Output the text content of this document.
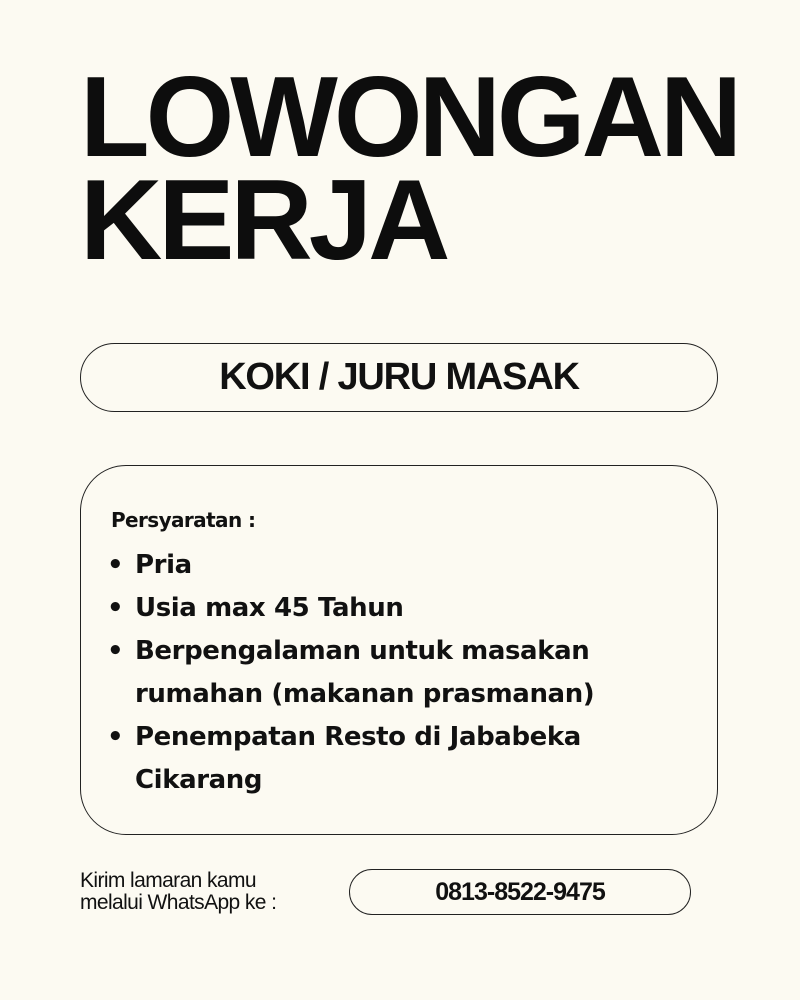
LOWONGAN
KERJA
KOKI / JURU MASAK
Persyaratan :
• Pria
• Usia max 45 Tahun
• Berpengalaman untuk masakan rumahan (makanan prasmanan)
• Penempatan Resto di Jababeka Cikarang
Kirim lamaran kamu
melalui WhatsApp ke :	0813-8522-9475
